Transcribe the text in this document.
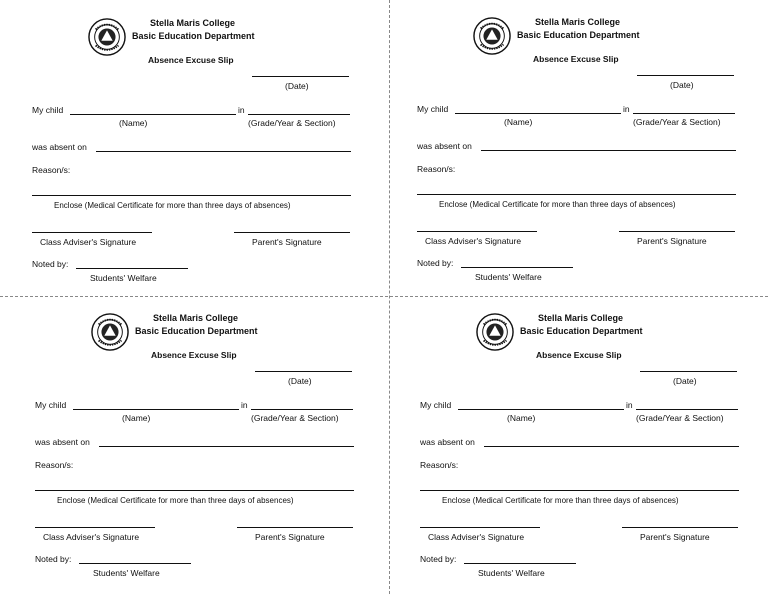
Stella Maris College
Basic Education Department
Absence Excuse Slip
(Date)
My child	in
(Name)	(Grade/Year & Section)
was absent on
Reason/s:
Enclose (Medical Certificate for more than three days of absences)
Class Adviser's Signature	Parent's Signature
Noted by:
Students' Welfare
Stella Maris College
Basic Education Department
Absence Excuse Slip
(Date)
My child	in
(Name)	(Grade/Year & Section)
was absent on
Reason/s:
Enclose (Medical Certificate for more than three days of absences)
Class Adviser's Signature	Parent's Signature
Noted by:
Students' Welfare
Stella Maris College
Basic Education Department
Absence Excuse Slip
(Date)
My child	in
(Name)	(Grade/Year & Section)
was absent on
Reason/s:
Enclose (Medical Certificate for more than three days of absences)
Class Adviser's Signature	Parent's Signature
Noted by:
Students' Welfare
Stella Maris College
Basic Education Department
Absence Excuse Slip
(Date)
My child	in
(Name)	(Grade/Year & Section)
was absent on
Reason/s:
Enclose (Medical Certificate for more than three days of absences)
Class Adviser's Signature	Parent's Signature
Noted by:
Students' Welfare
